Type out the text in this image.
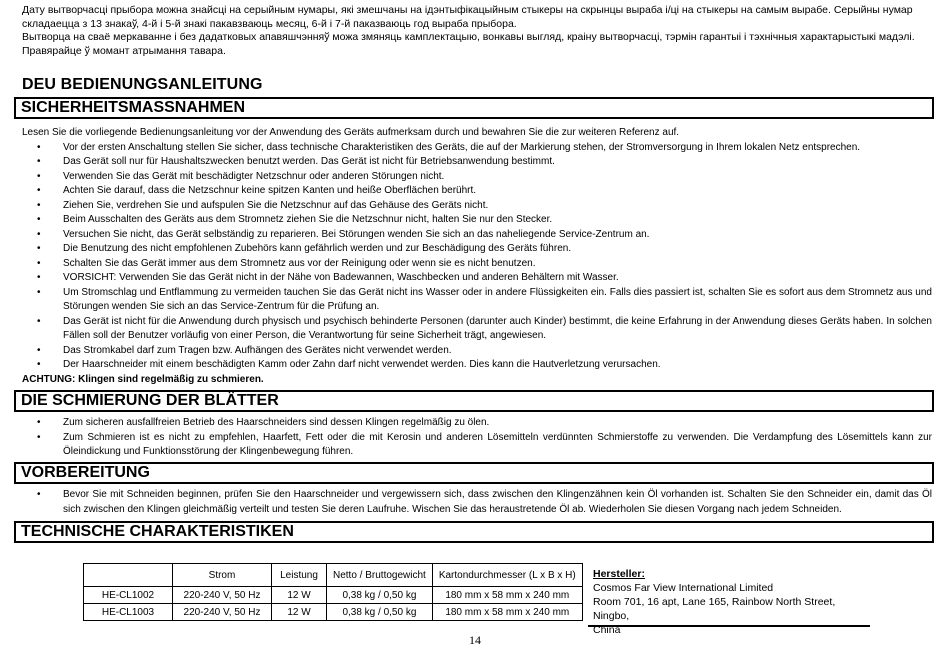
Дату вытворчасці прыбора можна знайсці на серыйным нумары, які змешчаны на ідэнтыфікацыйным стыкеры на скрынцы выраба і/ці на стыкеры на самым вырабе. Серыйны нумар складаецца з 13 знакаў, 4-й і 5-й знакі пакавзваюць месяц, 6-й і 7-й паказваюць год выраба прыбора.

Вытворца на сваё меркаванне і без дадатковых апавяшчэнняў можа змяняць камплектацыю, вонкавы выгляд, краіну вытворчасці, тэрмін гарантыі і тэхнічныя характарыстыкі мадэлі. Правярайце ў момант атрымання тавара.

DEU BEDIENUNGSANLEITUNG
SICHERHEITSMASSNAHMEN

Lesen Sie die vorliegende Bedienungsanleitung vor der Anwendung des Geräts aufmerksam durch und bewahren Sie die zur weiteren Referenz auf.

• Vor der ersten Anschaltung stellen Sie sicher, dass technische Charakteristiken des Geräts, die auf der Markierung stehen, der Stromversorgung in Ihrem lokalen Netz entsprechen.
• Das Gerät soll nur für Haushaltszwecken benutzt werden. Das Gerät ist nicht für Betriebsanwendung bestimmt.
• Verwenden Sie das Gerät mit beschädigter Netzschnur oder anderen Störungen nicht.
• Achten Sie darauf, dass die Netzschnur keine spitzen Kanten und heiße Oberflächen berührt.
• Ziehen Sie, verdrehen Sie und aufspulen Sie die Netzschnur auf das Gehäuse des Geräts nicht.
• Beim Ausschalten des Geräts aus dem Stromnetz ziehen Sie die Netzschnur nicht, halten Sie nur den Stecker.
• Versuchen Sie nicht, das Gerät selbständig zu reparieren. Bei Störungen wenden Sie sich an das naheliegende Service-Zentrum an.
• Die Benutzung des nicht empfohlenen Zubehörs kann gefährlich werden und zur Beschädigung des Geräts führen.
• Schalten Sie das Gerät immer aus dem Stromnetz aus vor der Reinigung oder wenn sie es nicht benutzen.
• VORSICHT: Verwenden Sie das Gerät nicht in der Nähe von Badewannen, Waschbecken und anderen Behältern mit Wasser.
• Um Stromschlag und Entflammung zu vermeiden tauchen Sie das Gerät nicht ins Wasser oder in andere Flüssigkeiten ein. Falls dies passiert ist, schalten Sie es sofort aus dem Stromnetz aus und Störungen wenden Sie sich an das Service-Zentrum für die Prüfung an.
• Das Gerät ist nicht für die Anwendung durch physisch und psychisch behinderte Personen (darunter auch Kinder) bestimmt, die keine Erfahrung in der Anwendung dieses Geräts haben. In solchen Fällen soll der Benutzer vorläufig von einer Person, die Verantwortung für seine Sicherheit trägt, angewiesen.
• Das Stromkabel darf zum Tragen bzw. Aufhängen des Gerätes nicht verwendet werden.
• Der Haarschneider mit einem beschädigten Kamm oder Zahn darf nicht verwendet werden. Dies kann die Hautverletzung verursachen.

ACHTUNG: Klingen sind regelmäßig zu schmieren.

DIE SCHMIERUNG DER BLÄTTER
• Zum sicheren ausfallfreien Betrieb des Haarschneiders sind dessen Klingen regelmäßig zu ölen.
• Zum Schmieren ist es nicht zu empfehlen, Haarfett, Fett oder die mit Kerosin und anderen Lösemitteln verdünnten Schmierstoffe zu verwenden. Die Verdampfung des Lösemittels kann zur Öleindickung und Funktionsstörung der Klingenbewegung führen.
VORBEREITUNG
• Bevor Sie mit Schneiden beginnen, prüfen Sie den Haarschneider und vergewissern sich, dass zwischen den Klingenzähnen kein Öl vorhanden ist. Schalten Sie den Schneider ein, damit das Öl sich zwischen den Klingen gleichmäßig verteilt und testen Sie deren Laufruhe. Wischen Sie das heraustretende Öl ab. Wiederholen Sie diesen Vorgang nach jedem Schneiden.
TECHNISCHE CHARAKTERISTIKEN
	Strom	Leistung	Netto / Bruttogewicht	Kartondurchmesser (L x B x H)
HE-CL1002	220-240 V, 50 Hz	12 W	0,38 kg / 0,50 kg	180 mm x 58 mm x 240 mm
HE-CL1003	220-240 V, 50 Hz	12 W	0,38 kg / 0,50 kg	180 mm x 58 mm x 240 mm
Hersteller:
Cosmos Far View International Limited
Room 701, 16 apt, Lane 165, Rainbow North Street, Ningbo,
China
14
